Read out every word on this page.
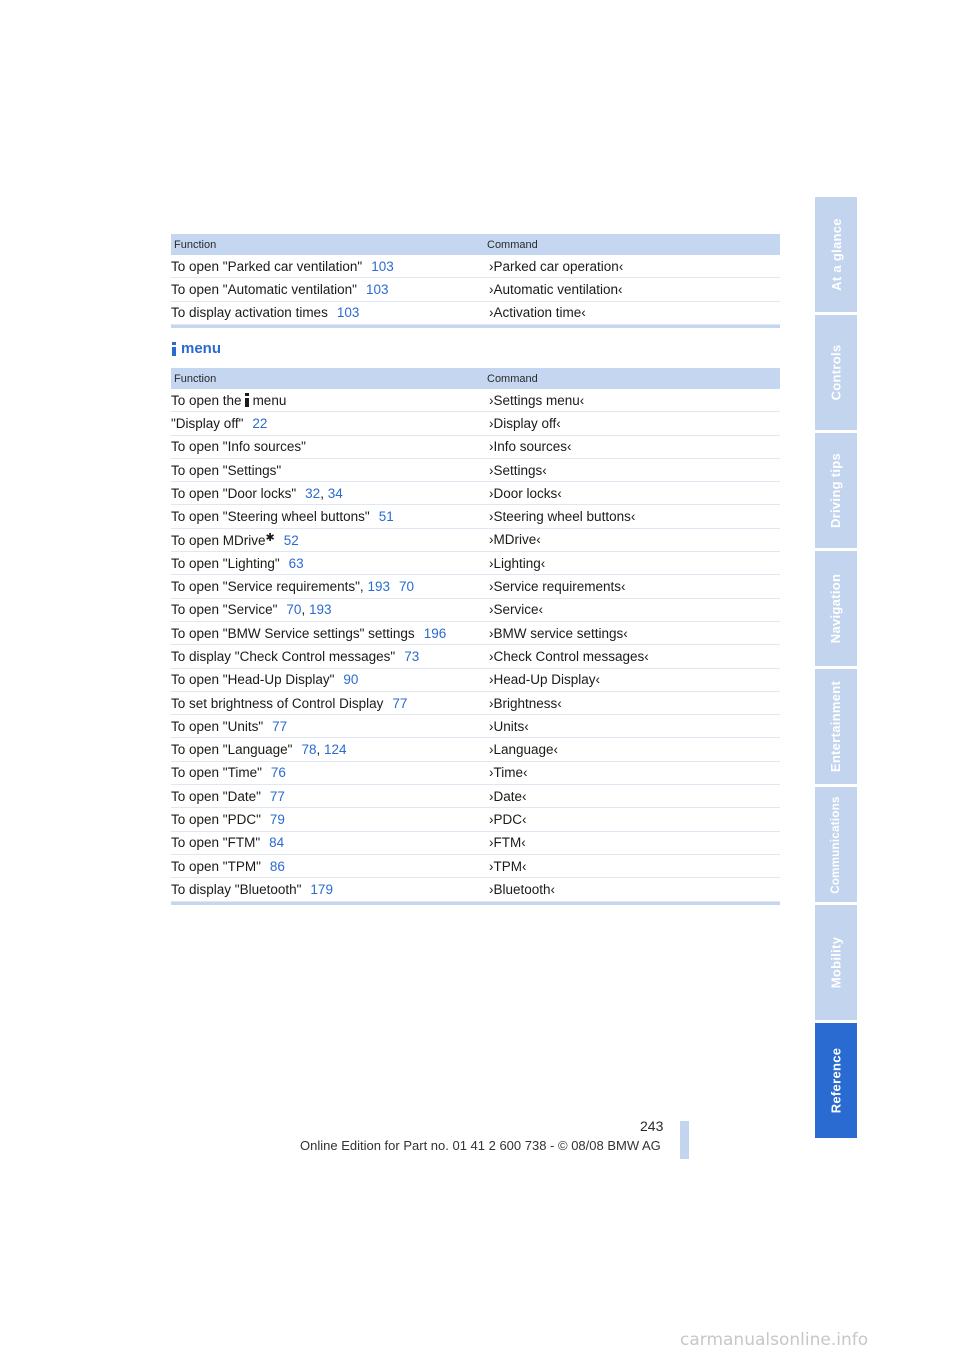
Function	Command
To open "Parked car ventilation" 103	›Parked car operation‹
To open "Automatic ventilation" 103	›Automatic ventilation‹
To display activation times 103	›Activation time‹
menu
Function	Command
To open the menu	›Settings menu‹
"Display off" 22	›Display off‹
To open "Info sources"	›Info sources‹
To open "Settings"	›Settings‹
To open "Door locks" 32, 34	›Door locks‹
To open "Steering wheel buttons" 51	›Steering wheel buttons‹
To open MDrive✱ 52	›MDrive‹
To open "Lighting" 63	›Lighting‹
To open "Service requirements", 193 70	›Service requirements‹
To open "Service" 70, 193	›Service‹
To open "BMW Service settings" settings 196	›BMW service settings‹
To display "Check Control messages" 73	›Check Control messages‹
To open "Head-Up Display" 90	›Head-Up Display‹
To set brightness of Control Display 77	›Brightness‹
To open "Units" 77	›Units‹
To open "Language" 78, 124	›Language‹
To open "Time" 76	›Time‹
To open "Date" 77	›Date‹
To open "PDC" 79	›PDC‹
To open "FTM" 84	›FTM‹
To open "TPM" 86	›TPM‹
To display "Bluetooth" 179	›Bluetooth‹
At a glance
Controls
Driving tips
Navigation
Entertainment
Communications
Mobility
Reference
243
Online Edition for Part no. 01 41 2 600 738 - © 08/08 BMW AG
carmanualsonline.info
